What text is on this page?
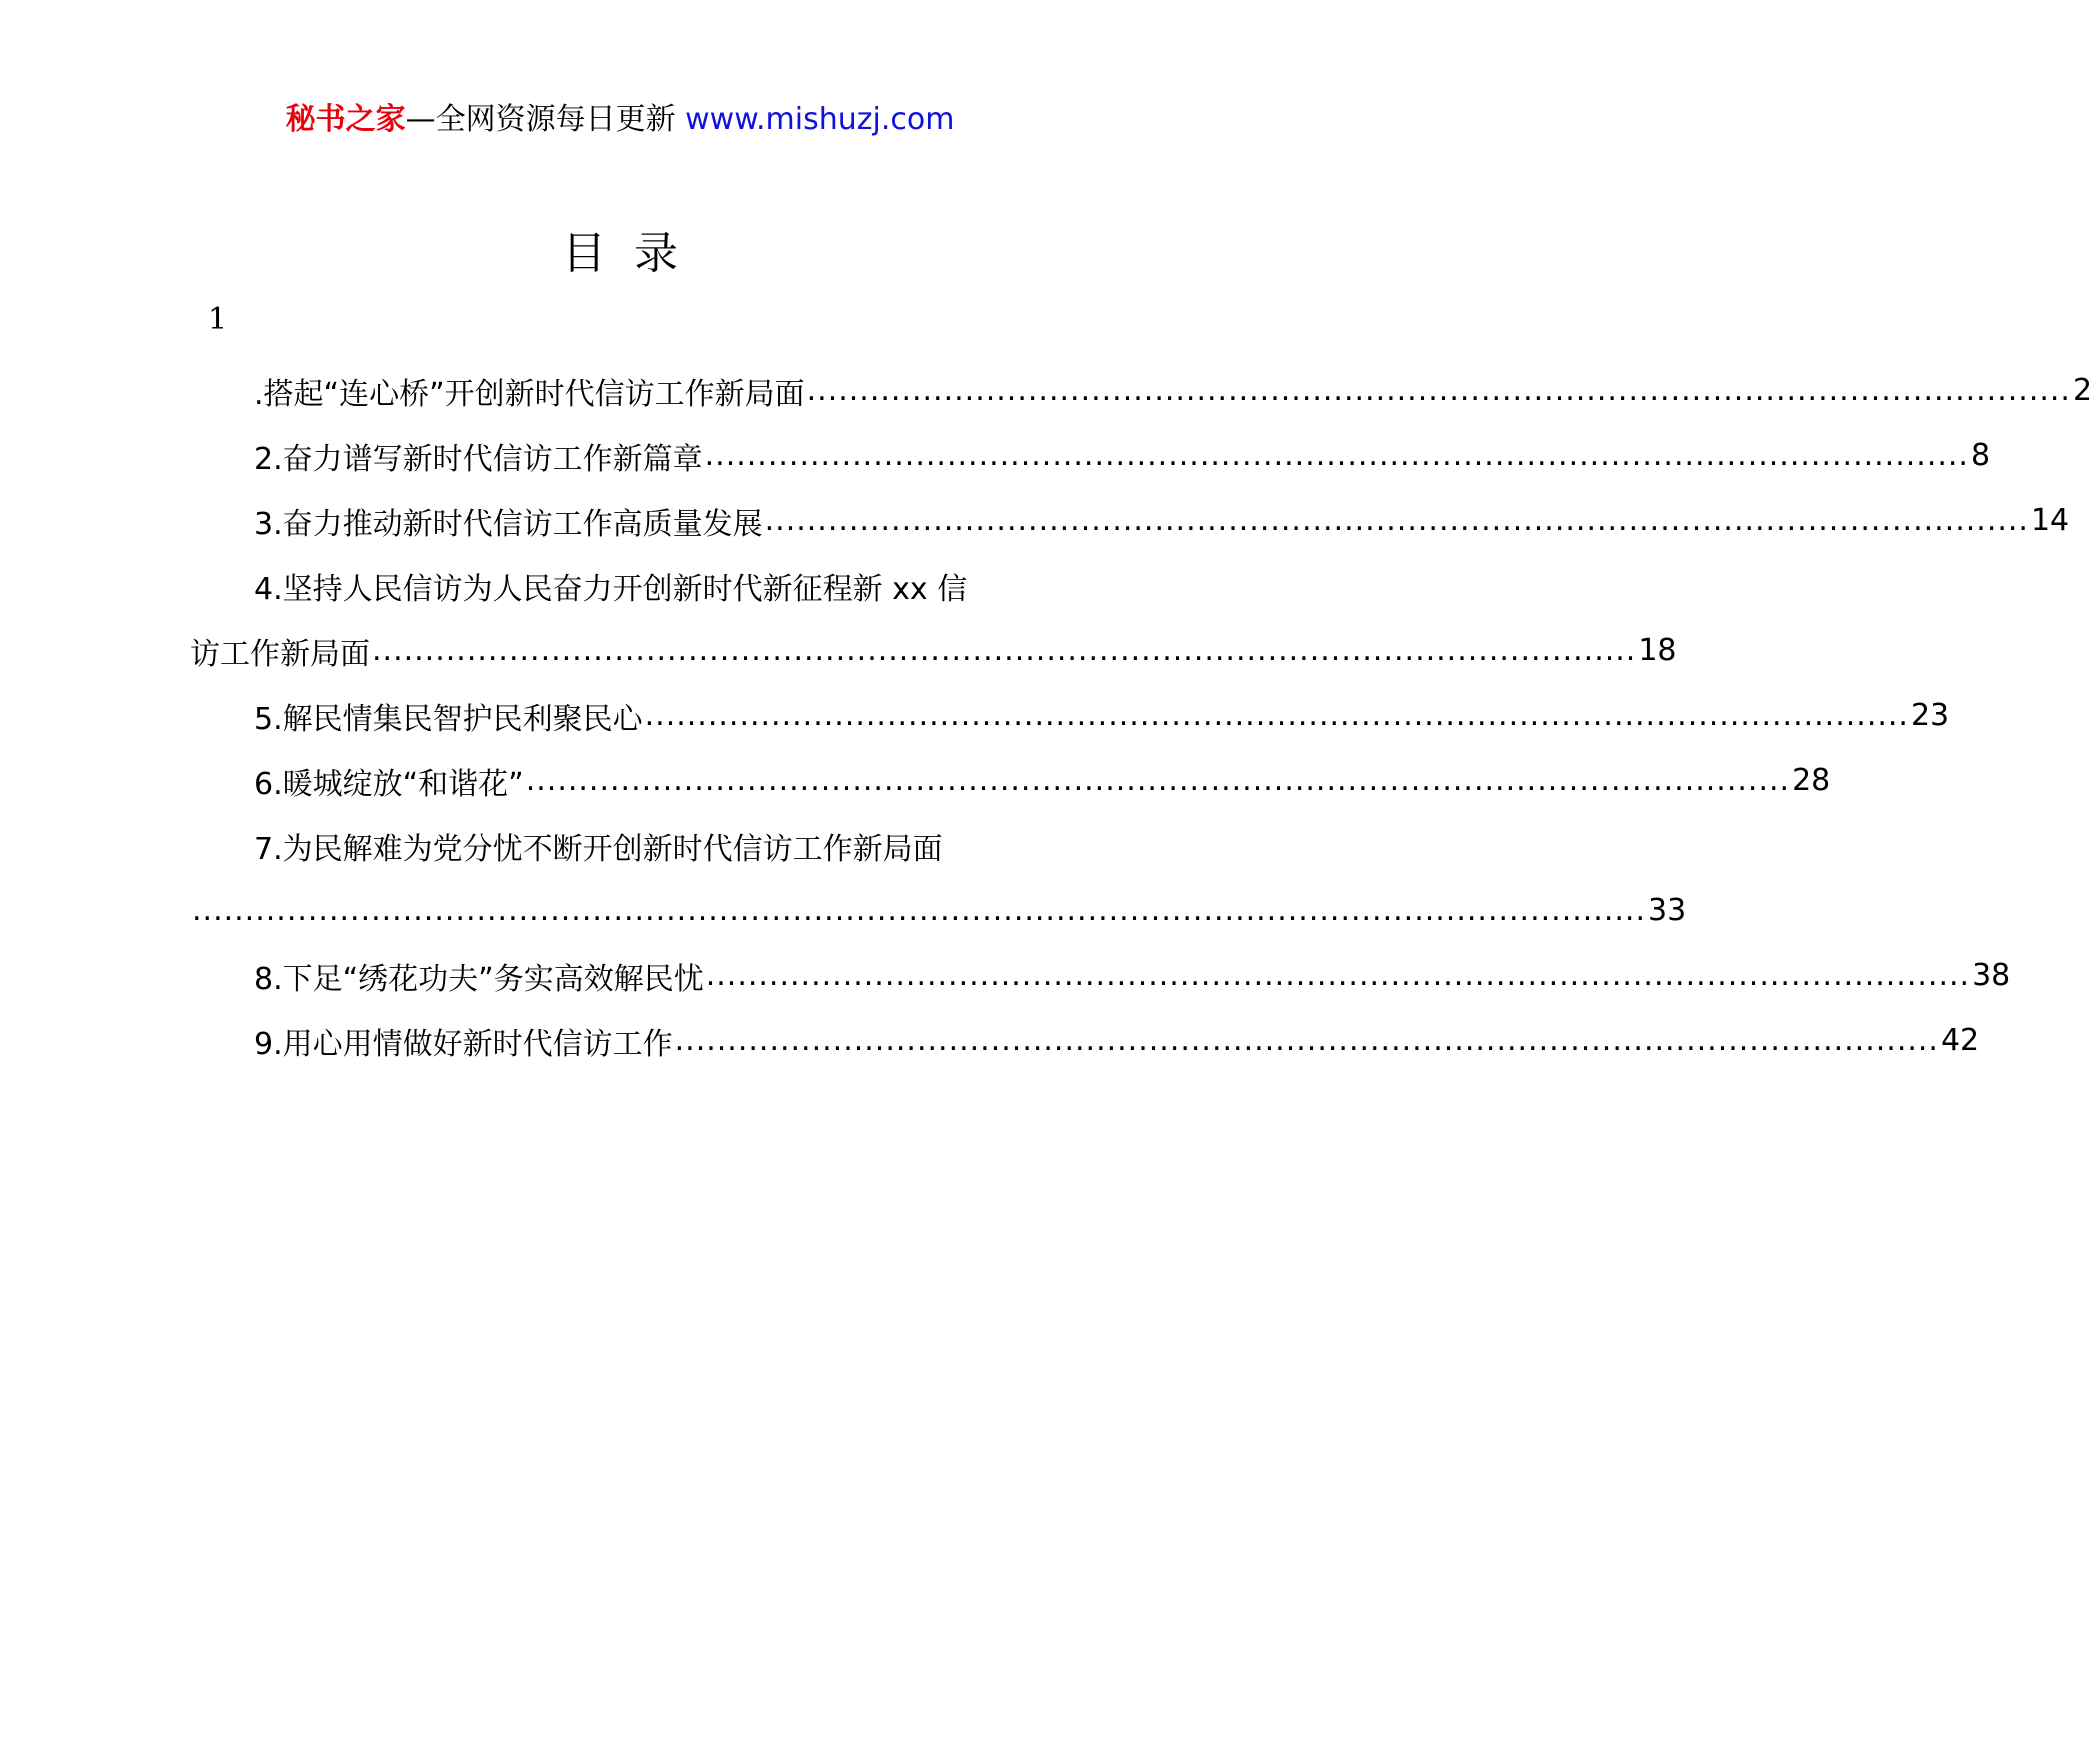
秘书之家—全网资源每日更新 www.mishuzj.com
目 录
1
.搭起“连心桥”开创新时代信访工作新局面 ........................................................................................................................ 2
2.奋力谱写新时代信访工作新篇章 ........................................................................................................................ 8
3.奋力推动新时代信访工作高质量发展 ........................................................................................................................ 14
4.坚持人民信访为人民奋力开创新时代新征程新 xx 信
访工作新局面 ........................................................................................................................ 18
5.解民情集民智护民利聚民心 ........................................................................................................................ 23
6.暖城绽放“和谐花” ........................................................................................................................ 28
7.为民解难为党分忧不断开创新时代信访工作新局面
.......................................................................................................................................... 33
8.下足“绣花功夫”务实高效解民忧 ........................................................................................................................ 38
9.用心用情做好新时代信访工作 ........................................................................................................................ 42
